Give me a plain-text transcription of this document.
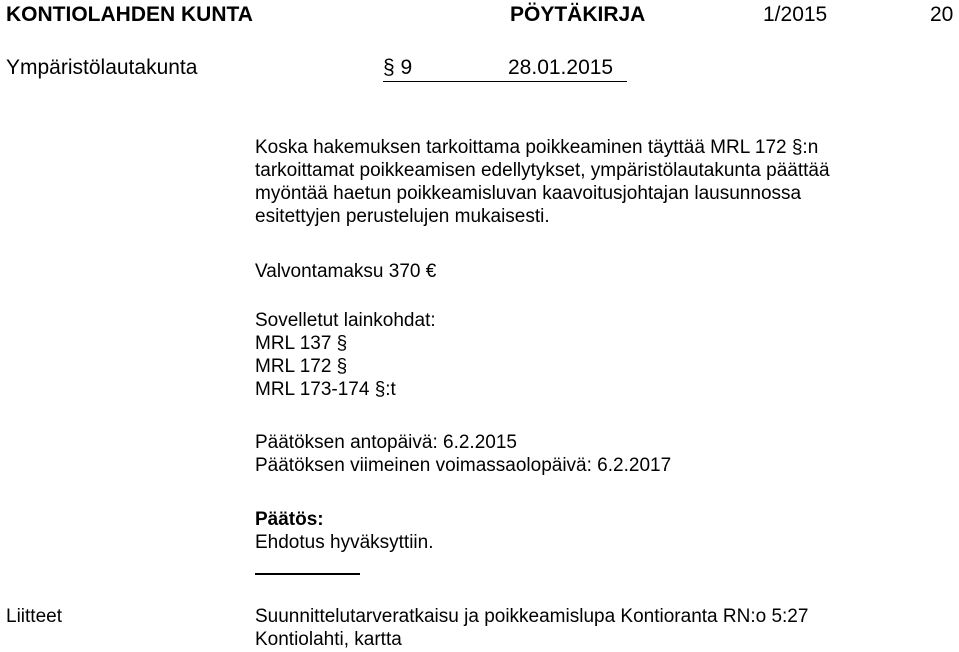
KONTIOLAHDEN KUNTA	PÖYTÄKIRJA	1/2015	20
Ympäristölautakunta	§ 9	28.01.2015
Koska hakemuksen tarkoittama poikkeaminen täyttää MRL 172 §:n
tarkoittamat poikkeamisen edellytykset, ympäristölautakunta päättää
myöntää haetun poikkeamisluvan kaavoitusjohtajan lausunnossa
esitettyjen perustelujen mukaisesti.
Valvontamaksu 370 €
Sovelletut lainkohdat:
MRL 137 §
MRL 172 §
MRL 173-174 §:t
Päätöksen antopäivä: 6.2.2015
Päätöksen viimeinen voimassaolopäivä: 6.2.2017
Päätös:
Ehdotus hyväksyttiin.
Liitteet	Suunnittelutarveratkaisu ja poikkeamislupa Kontioranta RN:o 5:27
Kontiolahti, kartta
